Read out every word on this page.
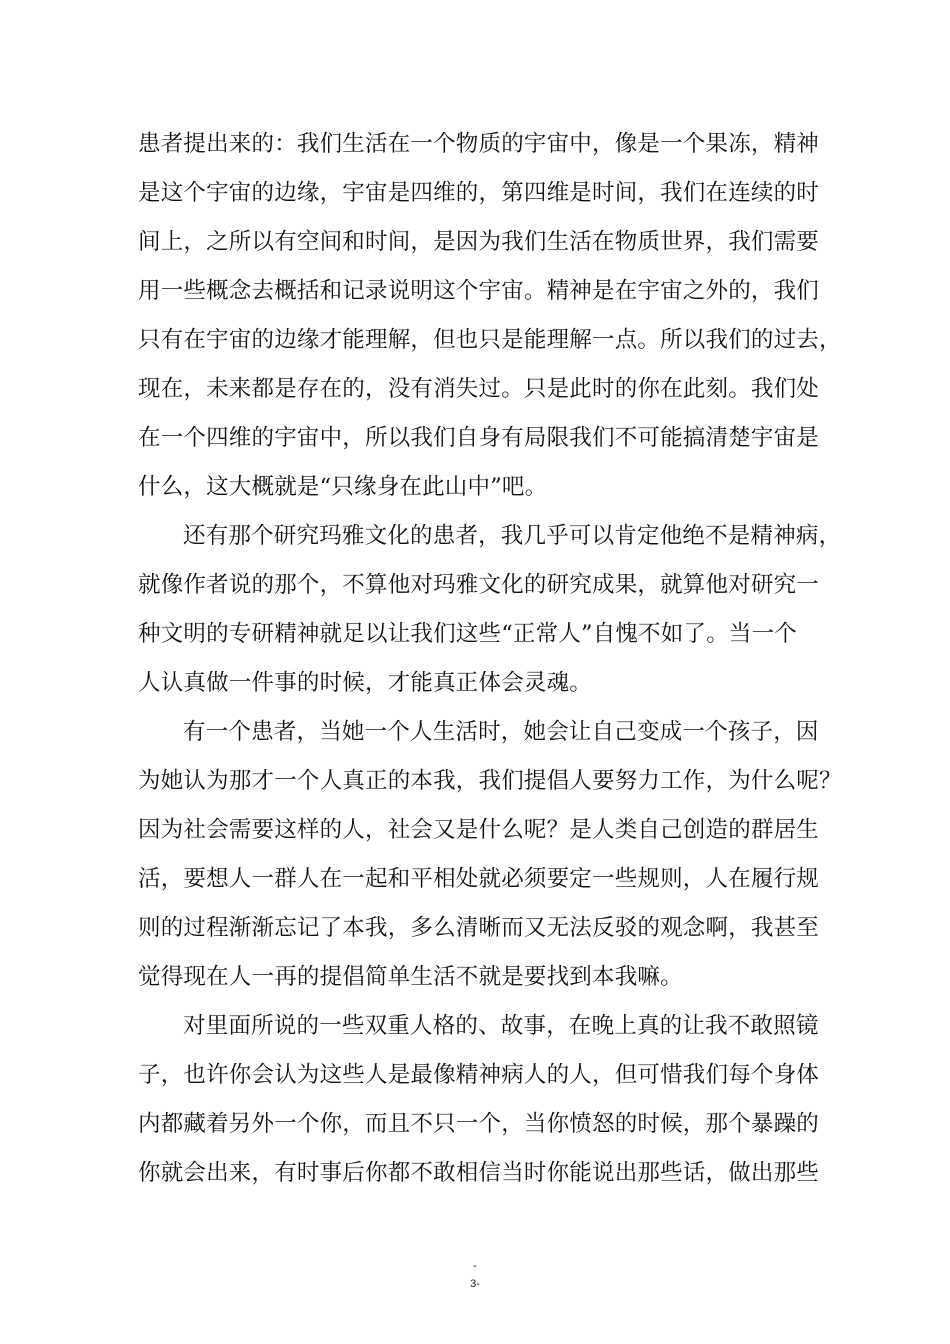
患者提出来的：我们生活在一个物质的宇宙中，像是一个果冻，精神
是这个宇宙的边缘，宇宙是四维的，第四维是时间，我们在连续的时
间上，之所以有空间和时间，是因为我们生活在物质世界，我们需要
用一些概念去概括和记录说明这个宇宙。精神是在宇宙之外的，我们
只有在宇宙的边缘才能理解，但也只是能理解一点。所以我们的过去，
现在，未来都是存在的，没有消失过。只是此时的你在此刻。我们处
在一个四维的宇宙中，所以我们自身有局限我们不可能搞清楚宇宙是
什么，这大概就是“只缘身在此山中”吧。
还有那个研究玛雅文化的患者，我几乎可以肯定他绝不是精神病，
就像作者说的那个，不算他对玛雅文化的研究成果，就算他对研究一
种文明的专研精神就足以让我们这些“正常人”自愧不如了。当一个
人认真做一件事的时候，才能真正体会灵魂。
有一个患者，当她一个人生活时，她会让自己变成一个孩子，因
为她认为那才一个人真正的本我，我们提倡人要努力工作，为什么呢？
因为社会需要这样的人，社会又是什么呢？是人类自己创造的群居生
活，要想人一群人在一起和平相处就必须要定一些规则，人在履行规
则的过程渐渐忘记了本我，多么清晰而又无法反驳的观念啊，我甚至
觉得现在人一再的提倡简单生活不就是要找到本我嘛。
对里面所说的一些双重人格的、故事，在晚上真的让我不敢照镜
子，也许你会认为这些人是最像精神病人的人，但可惜我们每个身体
内都藏着另外一个你，而且不只一个，当你愤怒的时候，那个暴躁的
你就会出来，有时事后你都不敢相信当时你能说出那些话，做出那些
-
3-
